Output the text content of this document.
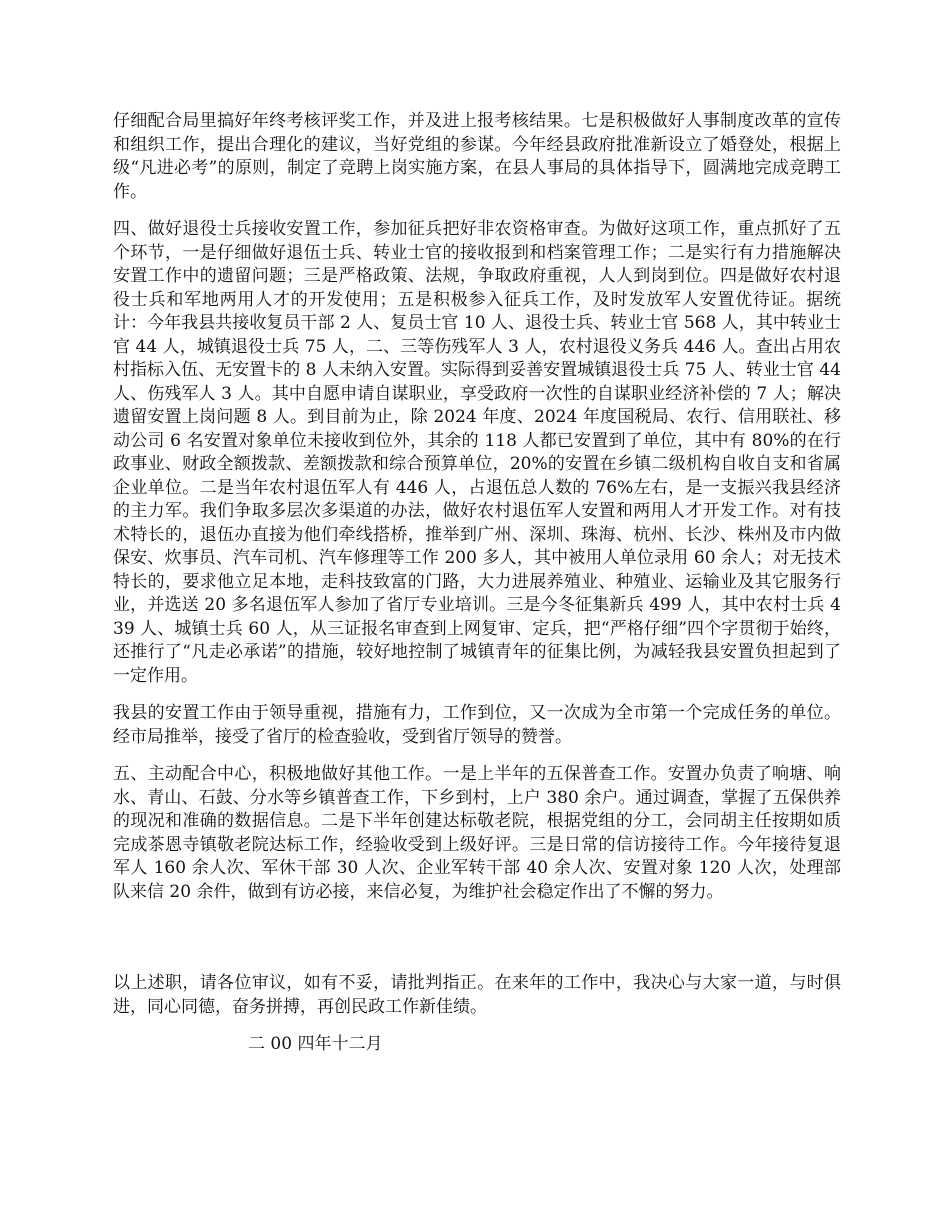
仔细配合局里搞好年终考核评奖工作，并及进上报考核结果。七是积极做好人事制度改革的宣传和组织工作，提出合理化的建议，当好党组的参谋。今年经县政府批准新设立了婚登处，根据上级“凡进必考”的原则，制定了竞聘上岗实施方案，在县人事局的具体指导下，圆满地完成竞聘工作。

四、做好退役士兵接收安置工作，参加征兵把好非农资格审查。为做好这项工作，重点抓好了五个环节，一是仔细做好退伍士兵、转业士官的接收报到和档案管理工作；二是实行有力措施解决安置工作中的遗留问题；三是严格政策、法规，争取政府重视，人人到岗到位。四是做好农村退役士兵和军地两用人才的开发使用；五是积极参入征兵工作，及时发放军人安置优待证。据统计：今年我县共接收复员干部 2 人、复员士官 10 人、退役士兵、转业士官 568 人，其中转业士官 44 人，城镇退役士兵 75 人，二、三等伤残军人 3 人，农村退役义务兵 446 人。查出占用农村指标入伍、无安置卡的 8 人未纳入安置。实际得到妥善安置城镇退役士兵 75 人、转业士官 44 人、伤残军人 3 人。其中自愿申请自谋职业，享受政府一次性的自谋职业经济补偿的 7 人；解决遗留安置上岗问题 8 人。到目前为止，除 2024 年度、2024 年度国税局、农行、信用联社、移动公司 6 名安置对象单位未接收到位外，其余的 118 人都已安置到了单位，其中有 80%的在行政事业、财政全额拨款、差额拨款和综合预算单位，20%的安置在乡镇二级机构自收自支和省属企业单位。二是当年农村退伍军人有 446 人，占退伍总人数的 76%左右，是一支振兴我县经济的主力军。我们争取多层次多渠道的办法，做好农村退伍军人安置和两用人才开发工作。对有技术特长的，退伍办直接为他们牵线搭桥，推举到广州、深圳、珠海、杭州、长沙、株州及市内做保安、炊事员、汽车司机、汽车修理等工作 200 多人，其中被用人单位录用 60 余人；对无技术特长的，要求他立足本地，走科技致富的门路，大力进展养殖业、种殖业、运输业及其它服务行业，并选送 20 多名退伍军人参加了省厅专业培训。三是今冬征集新兵 499 人，其中农村士兵 439 人、城镇士兵 60 人，从三证报名审查到上网复审、定兵，把“严格仔细”四个字贯彻于始终，还推行了“凡走必承诺”的措施，较好地控制了城镇青年的征集比例，为减轻我县安置负担起到了一定作用。

我县的安置工作由于领导重视，措施有力，工作到位，又一次成为全市第一个完成任务的单位。经市局推举，接受了省厅的检查验收，受到省厅领导的赞誉。

五、主动配合中心，积极地做好其他工作。一是上半年的五保普查工作。安置办负责了响塘、响水、青山、石鼓、分水等乡镇普查工作，下乡到村，上户 380 余户。通过调查，掌握了五保供养的现况和准确的数据信息。二是下半年创建达标敬老院，根据党组的分工，会同胡主任按期如质完成茶恩寺镇敬老院达标工作，经验收受到上级好评。三是日常的信访接待工作。今年接待复退军人 160 余人次、军休干部 30 人次、企业军转干部 40 余人次、安置对象 120 人次，处理部队来信 20 余件，做到有访必接，来信必复，为维护社会稳定作出了不懈的努力。

以上述职，请各位审议，如有不妥，请批判指正。在来年的工作中，我决心与大家一道，与时俱进，同心同德，奋务拼搏，再创民政工作新佳绩。

二 00 四年十二月
